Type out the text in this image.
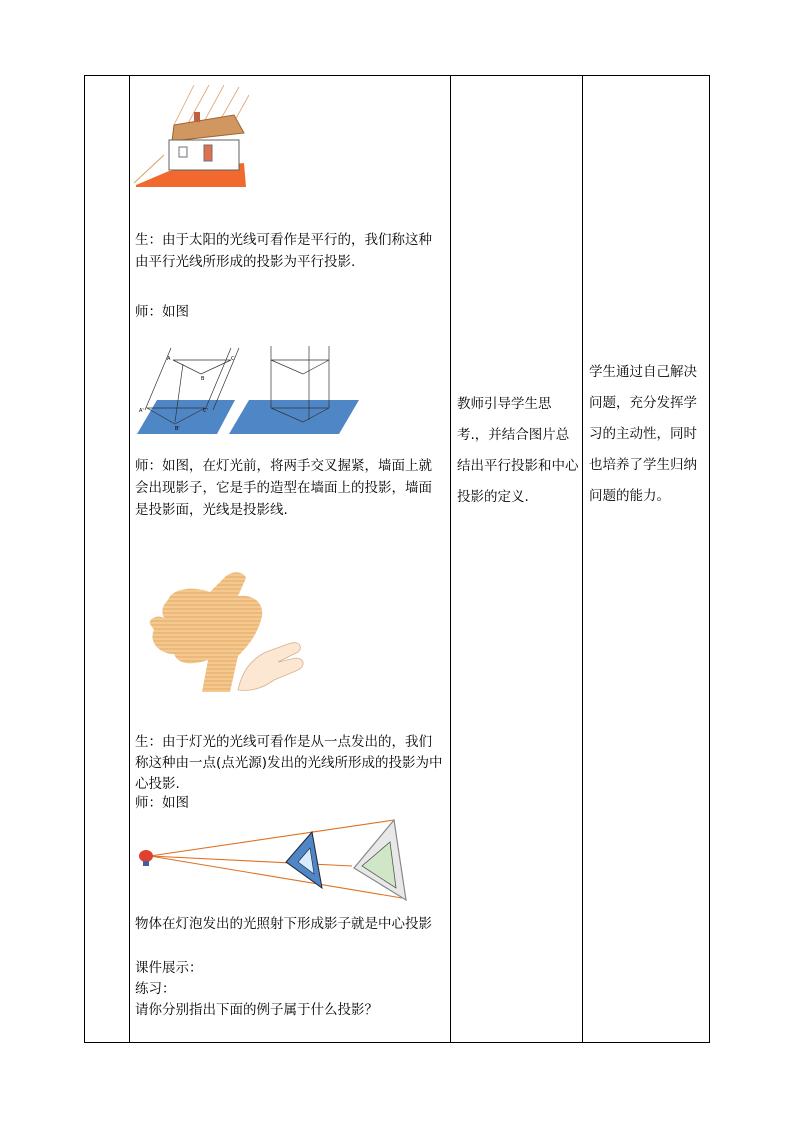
生：由于太阳的光线可看作是平行的，我们称这种由平行光线所形成的投影为平行投影.
师：如图
A
B
C
A'
B'
C'
师：如图，在灯光前，将两手交叉握紧，墙面上就会出现影子，它是手的造型在墙面上的投影，墙面是投影面，光线是投影线.
生：由于灯光的光线可看作是从一点发出的，我们称这种由一点(点光源)发出的光线所形成的投影为中心投影.
师：如图
物体在灯泡发出的光照射下形成影子就是中心投影
课件展示：
练习：
请你分别指出下面的例子属于什么投影？
教师引导学生思考.，并结合图片总结出平行投影和中心投影的定义.
学生通过自己解决问题，充分发挥学习的主动性，同时也培养了学生归纳问题的能力。
